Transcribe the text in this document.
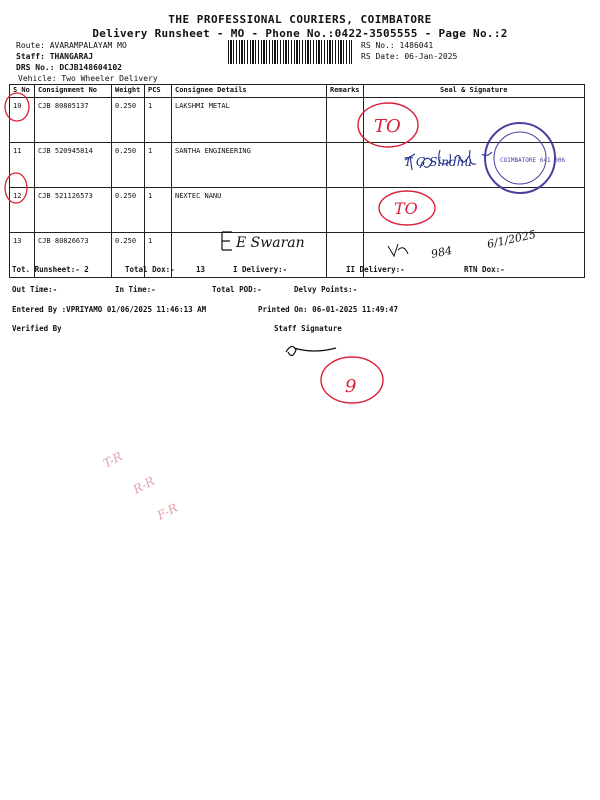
THE PROFESSIONAL COURIERS, COIMBATORE
Delivery Runsheet - MO - Phone No.:0422-3505555 - Page No.:2
Route: AVARAMPALAYAM MO
Staff: THANGARAJ
DRS No.: DCJB148604102
Vehicle: Two Wheeler Delivery
RS No.: 1486041
RS Date: 06-Jan-2025
S No	Consignment No	Weight	PCS	Consignee Details	Remarks	Seal & Signature
10	CJB 80805137	0.250	1	LAKSHMI METAL		
11	CJB 520945814	0.250	1	SANTHA ENGINEERING		
12	CJB 521126573	0.250	1	NEXTEC NANU		
13	CJB 80826673	0.250	1			
TO
T G Sindhu	COIMBATORE 641 006
TO
E Swaran
984
6/1/2025
9
T-R
R-R
F-R
Tot. Runsheet:- 2	Total Dox:-	13	I Delivery:-	II Delivery:-	RTN Dox:-
Out Time:-	In Time:-	Total POD:-	Delvy Points:-
Entered By :VPRIYAMO 01/06/2025 11:46:13 AM	Printed On: 06-01-2025 11:49:47
Verified By	Staff Signature
